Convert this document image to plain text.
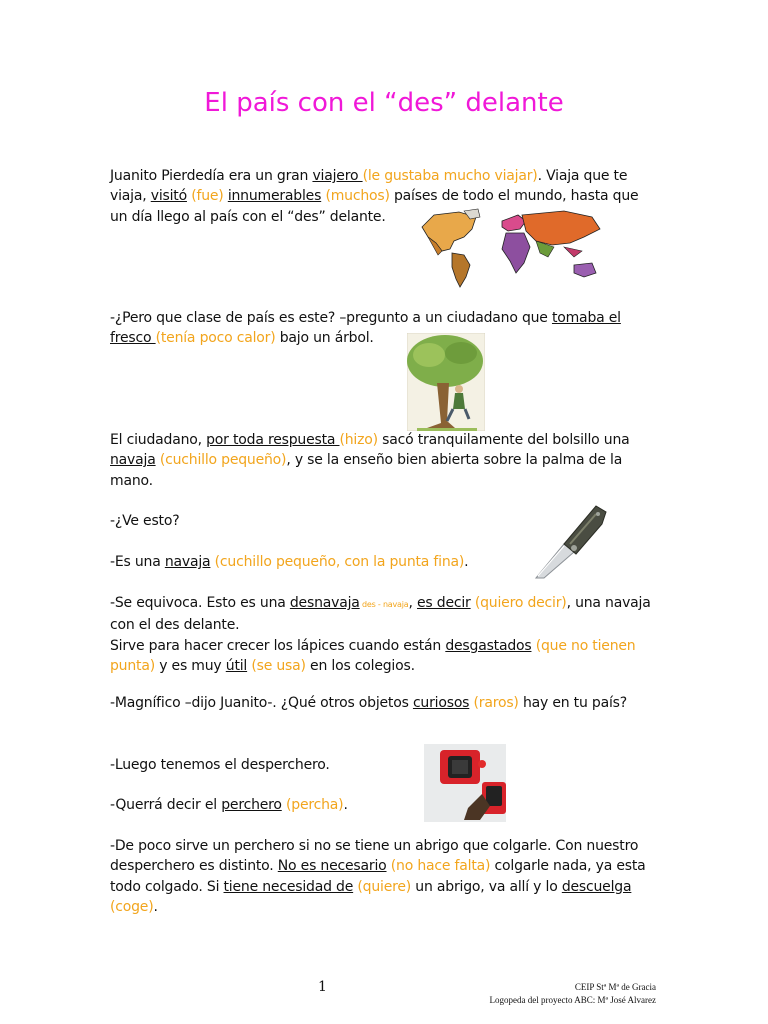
El país con el “des” delante
Juanito Pierdedía era un gran viajero (le gustaba mucho viajar). Viaja que te viaja, visitó (fue) innumerables (muchos) países de todo el mundo, hasta que un día llego al país con el “des” delante.
-¿Pero que clase de país es este? –pregunto a un ciudadano que tomaba el fresco (tenía poco calor) bajo un árbol.
El ciudadano, por toda respuesta (hizo) sacó tranquilamente del bolsillo una navaja (cuchillo pequeño), y se la enseño bien abierta sobre la palma de la mano.
-¿Ve esto?
-Es una navaja (cuchillo pequeño, con la punta fina).
-Se equivoca. Esto es una desnavaja des - navaja, es decir (quiero decir), una navaja con el des delante.
Sirve para hacer crecer los lápices cuando están desgastados (que no tienen punta) y es muy útil (se usa) en los colegios.
-Magnífico –dijo Juanito-. ¿Qué otros objetos curiosos (raros) hay en tu país?
-Luego tenemos el desperchero.
-Querrá decir el perchero (percha).
-De poco sirve un perchero si no se tiene un abrigo que colgarle. Con nuestro desperchero es distinto. No es necesario (no hace falta) colgarle nada, ya esta todo colgado. Si tiene necesidad de (quiere) un abrigo, va allí y lo descuelga (coge).
1	CEIP Stª Mª de Gracia
Logopeda del proyecto ABC: Mª José Alvarez
